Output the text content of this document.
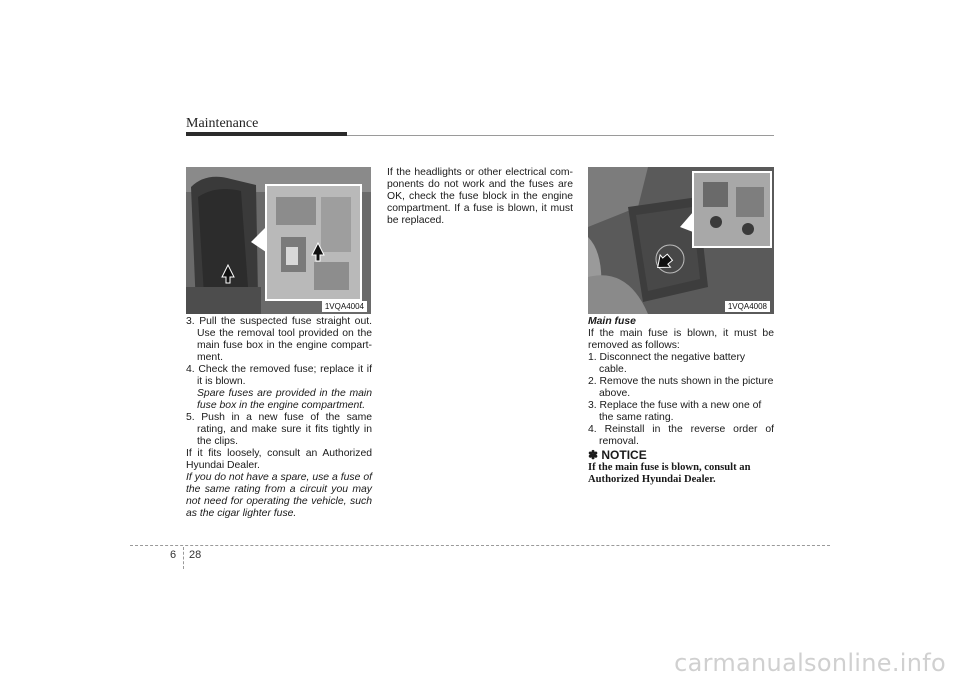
Maintenance
1VQA4004	1VQA4008

3. Pull the suspected fuse straight out. Use the removal tool provided on the main fuse box in the engine compart-ment.

4. Check the removed fuse; replace it if it is blown.

Spare fuses are provided in the main fuse box in the engine compartment.

5. Push in a new fuse of the same rating, and make sure it fits tightly in the clips.

If it fits loosely, consult an Authorized Hyundai Dealer.

If you do not have a spare, use a fuse of the same rating from a circuit you may not need for operating the vehicle, such as the cigar lighter fuse.

If the headlights or other electrical com-ponents do not work and the fuses are OK, check the fuse block in the engine compartment. If a fuse is blown, it must be replaced.

Main fuse

If the main fuse is blown, it must be removed as follows:

1. Disconnect the negative battery cable.

2. Remove the nuts shown in the picture above.

3. Replace the fuse with a new one of the same rating.

4. Reinstall in the reverse order of removal.

✽ NOTICE

If the main fuse is blown, consult an Authorized Hyundai Dealer.

6 28
carmanualsonline.info
